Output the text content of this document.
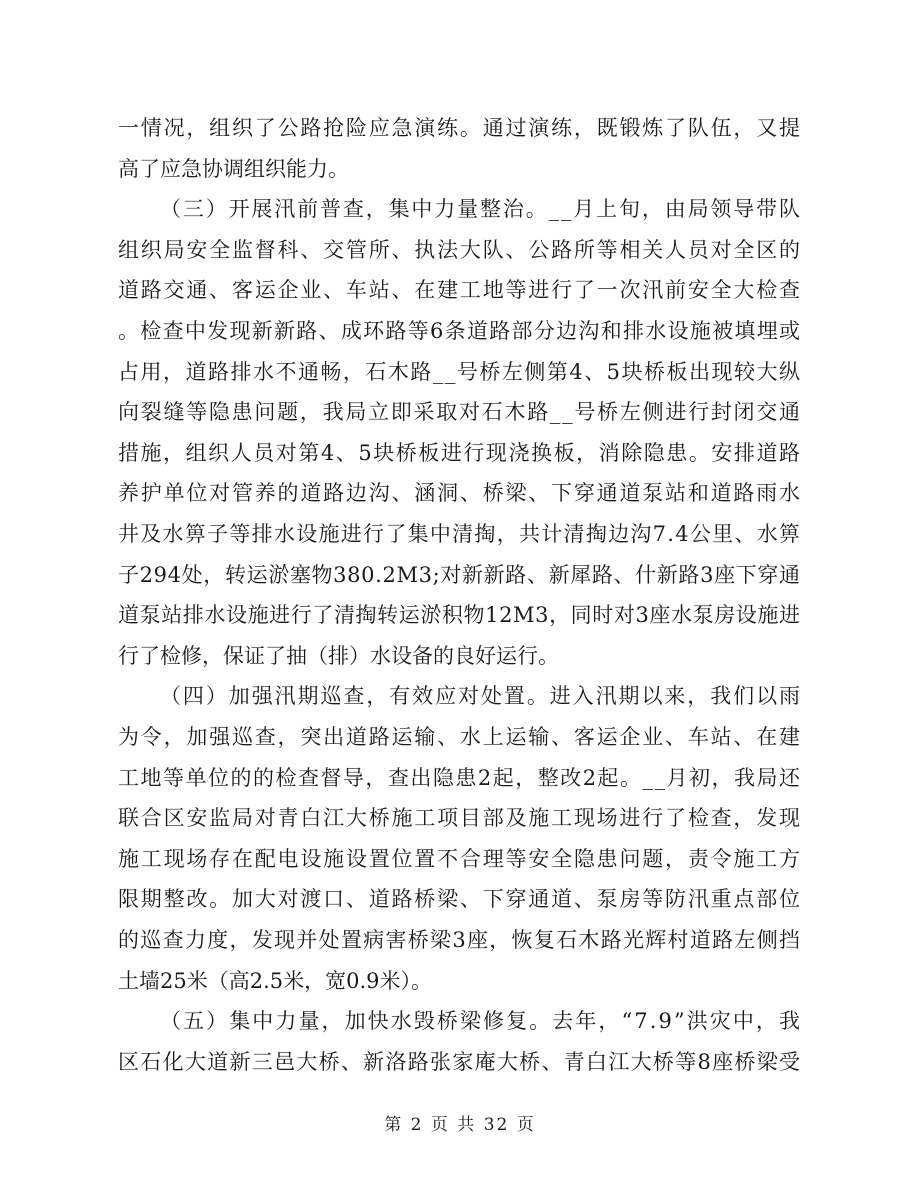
一情况，组织了公路抢险应急演练。通过演练，既锻炼了队伍，又提
高了应急协调组织能力。
（三）开展汛前普查，集中力量整治。__月上旬，由局领导带队
组织局安全监督科、交管所、执法大队、公路所等相关人员对全区的
道路交通、客运企业、车站、在建工地等进行了一次汛前安全大检查
。检查中发现新新路、成环路等6条道路部分边沟和排水设施被填埋或
占用，道路排水不通畅，石木路__号桥左侧第4、5块桥板出现较大纵
向裂缝等隐患问题，我局立即采取对石木路__号桥左侧进行封闭交通
措施，组织人员对第4、5块桥板进行现浇换板，消除隐患。安排道路
养护单位对管养的道路边沟、涵洞、桥梁、下穿通道泵站和道路雨水
井及水箅子等排水设施进行了集中清掏，共计清掏边沟7.4公里、水箅
子294处，转运淤塞物380.2M3;对新新路、新犀路、什新路3座下穿通
道泵站排水设施进行了清掏转运淤积物12M3，同时对3座水泵房设施进
行了检修，保证了抽（排）水设备的良好运行。
（四）加强汛期巡查，有效应对处置。进入汛期以来，我们以雨
为令，加强巡查，突出道路运输、水上运输、客运企业、车站、在建
工地等单位的的检查督导，查出隐患2起，整改2起。__月初，我局还
联合区安监局对青白江大桥施工项目部及施工现场进行了检查，发现
施工现场存在配电设施设置位置不合理等安全隐患问题，责令施工方
限期整改。加大对渡口、道路桥梁、下穿通道、泵房等防汛重点部位
的巡查力度，发现并处置病害桥梁3座，恢复石木路光辉村道路左侧挡
土墙25米（高2.5米，宽0.9米）。
（五）集中力量，加快水毁桥梁修复。去年，“7.9”洪灾中，我
区石化大道新三邑大桥、新洛路张家庵大桥、青白江大桥等8座桥梁受
第 2 页 共 32 页
